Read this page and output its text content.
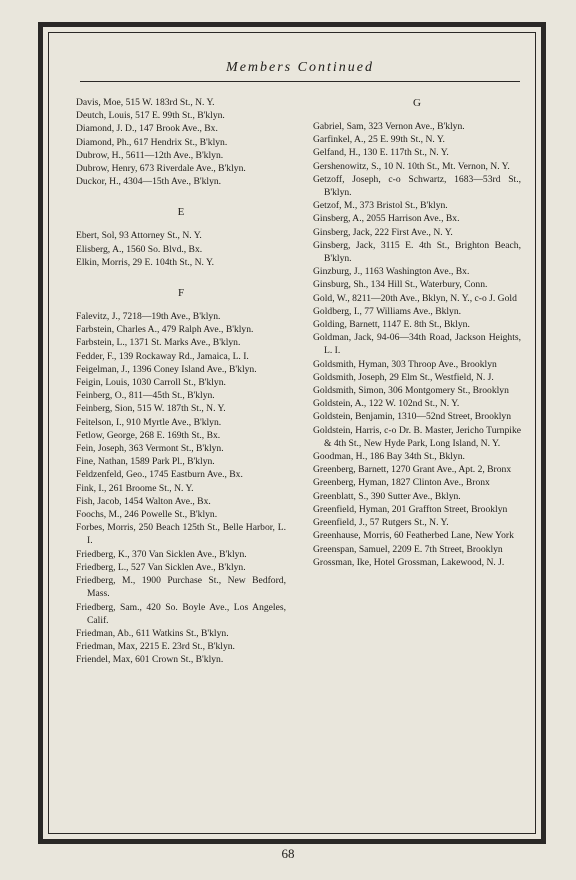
Members Continued
Davis, Moe, 515 W. 183rd St., N. Y.
Deutch, Louis, 517 E. 99th St., B'klyn.
Diamond, J. D., 147 Brook Ave., Bx.
Diamond, Ph., 617 Hendrix St., B'klyn.
Dubrow, H., 5611—12th Ave., B'klyn.
Dubrow, Henry, 673 Riverdale Ave., B'klyn.
Duckor, H., 4304—15th Ave., B'klyn.
E
Ebert, Sol, 93 Attorney St., N. Y.
Elisberg, A., 1560 So. Blvd., Bx.
Elkin, Morris, 29 E. 104th St., N. Y.
F
Falevitz, J., 7218—19th Ave., B'klyn.
Farbstein, Charles A., 479 Ralph Ave., B'klyn.
Farbstein, L., 1371 St. Marks Ave., B'klyn.
Fedder, F., 139 Rockaway Rd., Jamaica, L. I.
Feigelman, J., 1396 Coney Island Ave., B'klyn.
Feigin, Louis, 1030 Carroll St., B'klyn.
Feinberg, O., 811—45th St., B'klyn.
Feinberg, Sion, 515 W. 187th St., N. Y.
Feitelson, I., 910 Myrtle Ave., B'klyn.
Fetlow, George, 268 E. 169th St., Bx.
Fein, Joseph, 363 Vermont St., B'klyn.
Fine, Nathan, 1589 Park Pl., B'klyn.
Feldzenfeld, Geo., 1745 Eastburn Ave., Bx.
Fink, I., 261 Broome St., N. Y.
Fish, Jacob, 1454 Walton Ave., Bx.
Foochs, M., 246 Powelle St., B'klyn.
Forbes, Morris, 250 Beach 125th St., Belle Harbor, L. I.
Friedberg, K., 370 Van Sicklen Ave., B'klyn.
Friedberg, L., 527 Van Sicklen Ave., B'klyn.
Friedberg, M., 1900 Purchase St., New Bedford, Mass.
Friedberg, Sam., 420 So. Boyle Ave., Los Angeles, Calif.
Friedman, Ab., 611 Watkins St., B'klyn.
Friedman, Max, 2215 E. 23rd St., B'klyn.
Friendel, Max, 601 Crown St., B'klyn.
G
Gabriel, Sam, 323 Vernon Ave., B'klyn.
Garfinkel, A., 25 E. 99th St., N. Y.
Gelfand, H., 130 E. 117th St., N. Y.
Gershenowitz, S., 10 N. 10th St., Mt. Vernon, N. Y.
Getzoff, Joseph, c-o Schwartz, 1683—53rd St., B'klyn.
Getzof, M., 373 Bristol St., B'klyn.
Ginsberg, A., 2055 Harrison Ave., Bx.
Ginsberg, Jack, 222 First Ave., N. Y.
Ginsberg, Jack, 3115 E. 4th St., Brighton Beach, B'klyn.
Ginzburg, J., 1163 Washington Ave., Bx.
Ginsburg, Sh., 134 Hill St., Waterbury, Conn.
Gold, W., 8211—20th Ave., Bklyn, N. Y., c-o J. Gold
Goldberg, I., 77 Williams Ave., Bklyn.
Golding, Barnett, 1147 E. 8th St., Bklyn.
Goldman, Jack, 94-06—34th Road, Jackson Heights, L. I.
Goldsmith, Hyman, 303 Throop Ave., Brooklyn
Goldsmith, Joseph, 29 Elm St., Westfield, N. J.
Goldsmith, Simon, 306 Montgomery St., Brooklyn
Goldstein, A., 122 W. 102nd St., N. Y.
Goldstein, Benjamin, 1310—52nd Street, Brooklyn
Goldstein, Harris, c-o Dr. B. Master, Jericho Turnpike & 4th St., New Hyde Park, Long Island, N. Y.
Goodman, H., 186 Bay 34th St., Bklyn.
Greenberg, Barnett, 1270 Grant Ave., Apt. 2, Bronx
Greenberg, Hyman, 1827 Clinton Ave., Bronx
Greenblatt, S., 390 Sutter Ave., Bklyn.
Greenfield, Hyman, 201 Graffton Street, Brooklyn
Greenfield, J., 57 Rutgers St., N. Y.
Greenhause, Morris, 60 Featherbed Lane, New York
Greenspan, Samuel, 2209 E. 7th Street, Brooklyn
Grossman, Ike, Hotel Grossman, Lakewood, N. J.
68
